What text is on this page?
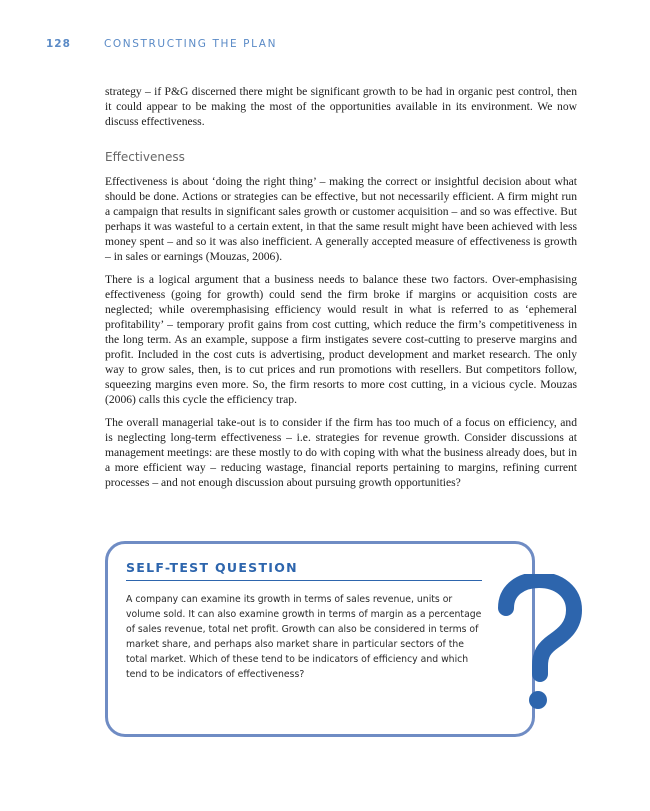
128	CONSTRUCTING THE PLAN

strategy – if P&G discerned there might be significant growth to be had in organic pest control, then it could appear to be making the most of the opportunities available in its environment. We now discuss effectiveness.

Effectiveness

Effectiveness is about ‘doing the right thing’ – making the correct or insightful decision about what should be done. Actions or strategies can be effective, but not necessarily efficient. A firm might run a campaign that results in significant sales growth or customer acquisition – and so was effective. But perhaps it was wasteful to a certain extent, in that the same result might have been achieved with less money spent – and so it was also inefficient. A generally accepted measure of effectiveness is growth – in sales or earnings (Mouzas, 2006).

There is a logical argument that a business needs to balance these two factors. Over-emphasising effectiveness (going for growth) could send the firm broke if margins or acquisition costs are neglected; while overemphasising efficiency would result in what is referred to as ‘ephemeral profitability’ – temporary profit gains from cost cutting, which reduce the firm’s competitiveness in the long term. As an example, suppose a firm instigates severe cost-cutting to preserve margins and profit. Included in the cost cuts is advertising, product development and market research. The only way to grow sales, then, is to cut prices and run promotions with resellers. But competitors follow, squeezing margins even more. So, the firm resorts to more cost cutting, in a vicious cycle. Mouzas (2006) calls this cycle the efficiency trap.

The overall managerial take-out is to consider if the firm has too much of a focus on efficiency, and is neglecting long-term effectiveness – i.e. strategies for revenue growth. Consider discussions at management meetings: are these mostly to do with coping with what the business already does, but in a more efficient way – reducing wastage, financial reports pertaining to margins, refining current processes – and not enough discussion about pursuing growth opportunities?

SELF-TEST QUESTION

A company can examine its growth in terms of sales revenue, units or volume sold. It can also examine growth in terms of margin as a percentage of sales revenue, total net profit. Growth can also be considered in terms of market share, and perhaps also market share in particular sectors of the total market. Which of these tend to be indicators of efficiency and which tend to be indicators of effectiveness?
